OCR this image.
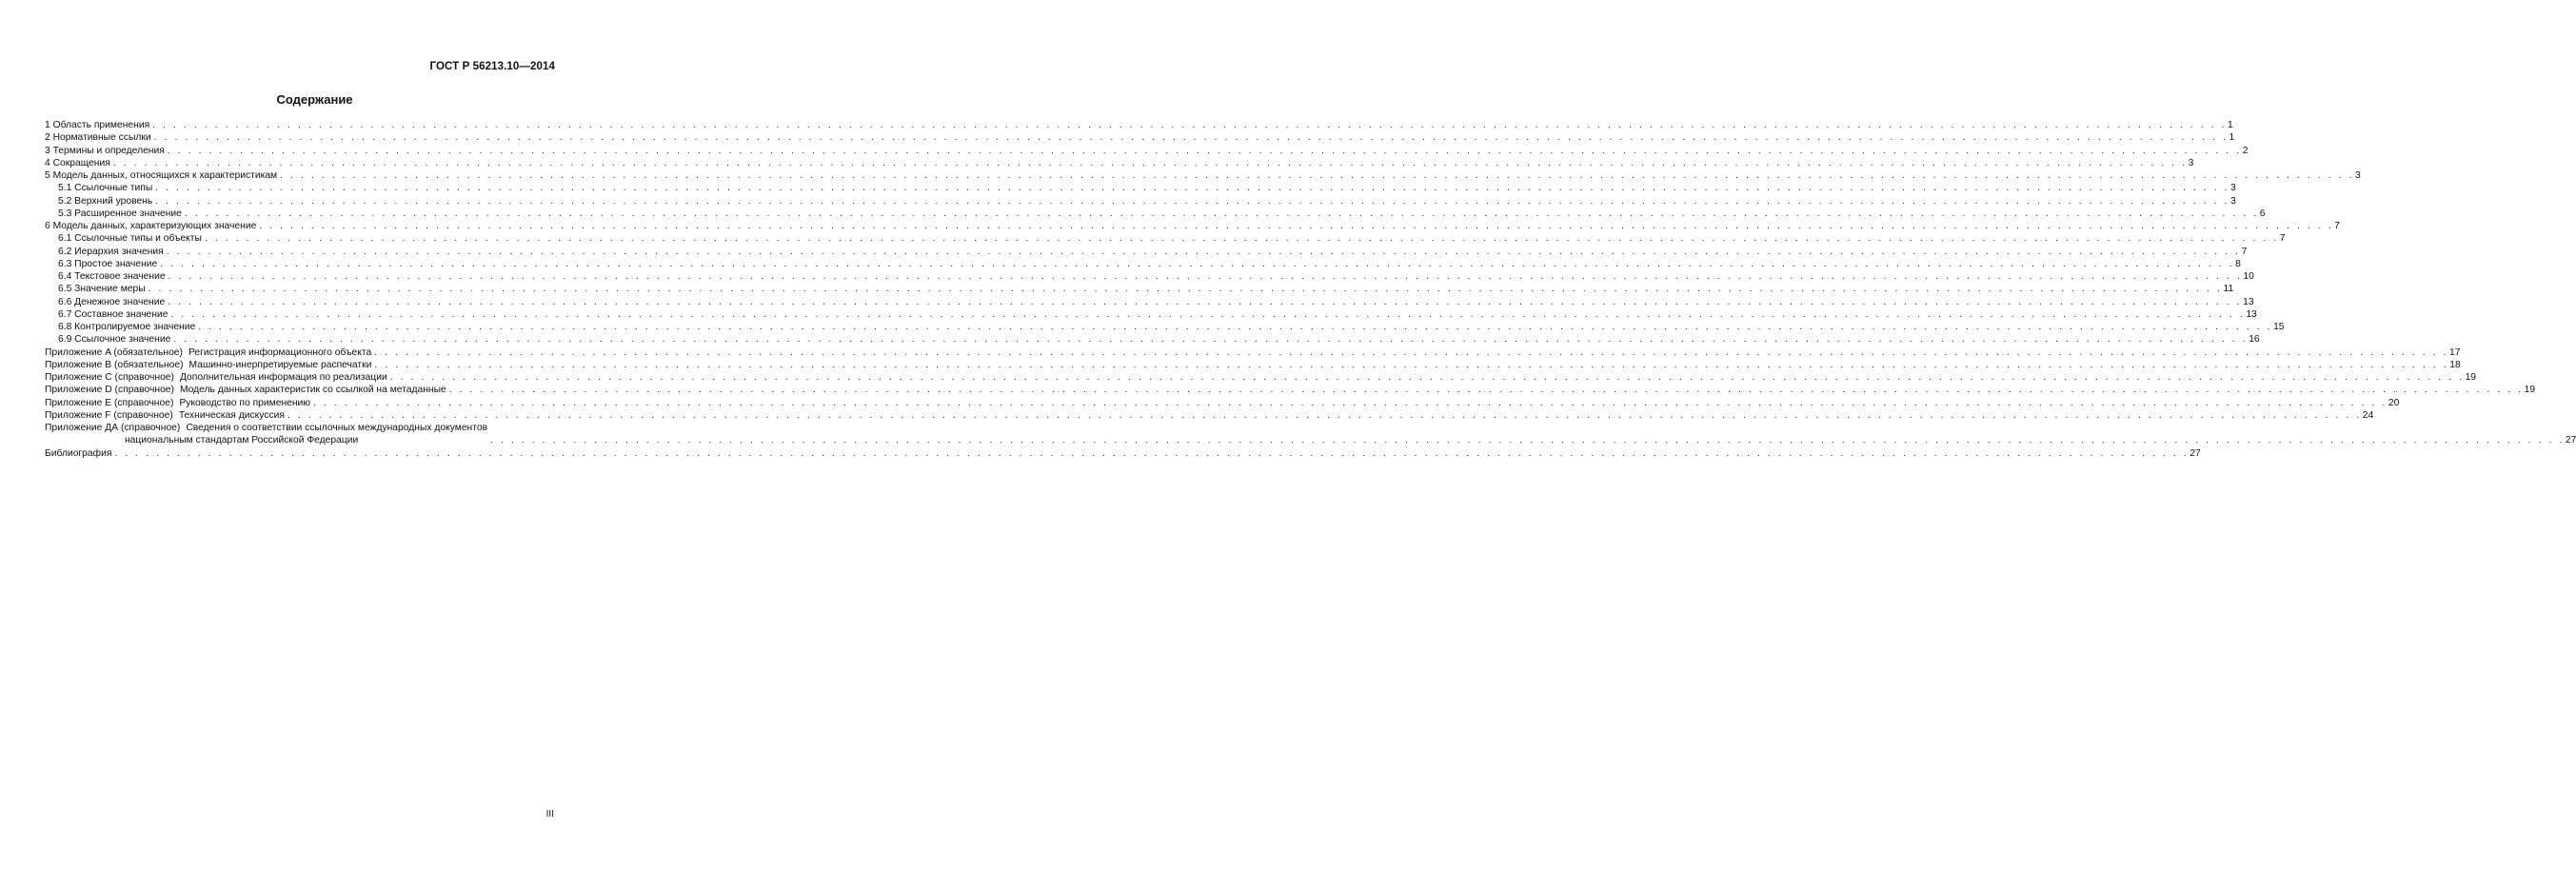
ГОСТ Р 56213.10—2014
Содержание
1 Область применения . . . . . . . . . . . . . . . . . . . . . . . . . . . . . . . . . . . . . . . . . . . . . . . . . . . . . . . . . . . . . . . . . . . . . . . . . . . . . . . . . . . . . . . . . . . . . . . . . . . . . . . . . . . . . . . . . . . . . . . . . . . . . . . . . . . . . . . . . . . . . . . . . . . . . . . . . . . . . . . . . . . . . . . . . . . . . . . . . . . . . . . . . . . . . . . . . . . . . . . . 1
2 Нормативные ссылки . . . . . . . . . . . . . . . . . . . . . . . . . . . . . . . . . . . . . . . . . . . . . . . . . . . . . . . . . . . . . . . . . . . . . . . . . . . . . . . . . . . . . . . . . . . . . . . . . . . . . . . . . . . . . . . . . . . . . . . . . . . . . . . . . . . . . . . . . . . . . . . . . . . . . . . . . . . . . . . . . . . . . . . . . . . . . . . . . . . . . . . . . . . . . . . . . . . . . . . . 1
3 Термины и определения . . . . . . . . . . . . . . . . . . . . . . . . . . . . . . . . . . . . . . . . . . . . . . . . . . . . . . . . . . . . . . . . . . . . . . . . . . . . . . . . . . . . . . . . . . . . . . . . . . . . . . . . . . . . . . . . . . . . . . . . . . . . . . . . . . . . . . . . . . . . . . . . . . . . . . . . . . . . . . . . . . . . . . . . . . . . . . . . . . . . . . . . . . . . . . . . . . . . . . . . 2
4 Сокращения . . . . . . . . . . . . . . . . . . . . . . . . . . . . . . . . . . . . . . . . . . . . . . . . . . . . . . . . . . . . . . . . . . . . . . . . . . . . . . . . . . . . . . . . . . . . . . . . . . . . . . . . . . . . . . . . . . . . . . . . . . . . . . . . . . . . . . . . . . . . . . . . . . . . . . . . . . . . . . . . . . . . . . . . . . . . . . . . . . . . . . . . . . . . . . . . . . . . . . . . 3
5 Модель данных, относящихся к характеристикам . . . . . . . . . . . . . . . . . . . . . . . . . . . . . . . . . . . . . . . . . . . . . . . . . . . . . . . . . . . . . . . . . . . . . . . . . . . . . . . . . . . . . . . . . . . . . . . . . . . . . . . . . . . . . . . . . . . . . . . . . . . . . . . . . . . . . . . . . . . . . . . . . . . . . . . . . . . . . . . . . . . . . . . . . . . . . . . . . . . . . . . . . . . . . . . . . . . . . . . . 3
5.1 Ссылочные типы . . . . . . . . . . . . . . . . . . . . . . . . . . . . . . . . . . . . . . . . . . . . . . . . . . . . . . . . . . . . . . . . . . . . . . . . . . . . . . . . . . . . . . . . . . . . . . . . . . . . . . . . . . . . . . . . . . . . . . . . . . . . . . . . . . . . . . . . . . . . . . . . . . . . . . . . . . . . . . . . . . . . . . . . . . . . . . . . . . . . . . . . . . . . . . . . . . . . . . . . 3
5.2 Верхний уровень . . . . . . . . . . . . . . . . . . . . . . . . . . . . . . . . . . . . . . . . . . . . . . . . . . . . . . . . . . . . . . . . . . . . . . . . . . . . . . . . . . . . . . . . . . . . . . . . . . . . . . . . . . . . . . . . . . . . . . . . . . . . . . . . . . . . . . . . . . . . . . . . . . . . . . . . . . . . . . . . . . . . . . . . . . . . . . . . . . . . . . . . . . . . . . . . . . . . . . . . 3
5.3 Расширенное значение . . . . . . . . . . . . . . . . . . . . . . . . . . . . . . . . . . . . . . . . . . . . . . . . . . . . . . . . . . . . . . . . . . . . . . . . . . . . . . . . . . . . . . . . . . . . . . . . . . . . . . . . . . . . . . . . . . . . . . . . . . . . . . . . . . . . . . . . . . . . . . . . . . . . . . . . . . . . . . . . . . . . . . . . . . . . . . . . . . . . . . . . . . . . . . . . . . . . . . . . 6
6 Модель данных, характеризующих значение . . . . . . . . . . . . . . . . . . . . . . . . . . . . . . . . . . . . . . . . . . . . . . . . . . . . . . . . . . . . . . . . . . . . . . . . . . . . . . . . . . . . . . . . . . . . . . . . . . . . . . . . . . . . . . . . . . . . . . . . . . . . . . . . . . . . . . . . . . . . . . . . . . . . . . . . . . . . . . . . . . . . . . . . . . . . . . . . . . . . . . . . . . . . . . . . . . . . . . . . 7
6.1 Ссылочные типы и объекты . . . . . . . . . . . . . . . . . . . . . . . . . . . . . . . . . . . . . . . . . . . . . . . . . . . . . . . . . . . . . . . . . . . . . . . . . . . . . . . . . . . . . . . . . . . . . . . . . . . . . . . . . . . . . . . . . . . . . . . . . . . . . . . . . . . . . . . . . . . . . . . . . . . . . . . . . . . . . . . . . . . . . . . . . . . . . . . . . . . . . . . . . . . . . . . . . . . . . . . . 7
6.2 Иерархия значения . . . . . . . . . . . . . . . . . . . . . . . . . . . . . . . . . . . . . . . . . . . . . . . . . . . . . . . . . . . . . . . . . . . . . . . . . . . . . . . . . . . . . . . . . . . . . . . . . . . . . . . . . . . . . . . . . . . . . . . . . . . . . . . . . . . . . . . . . . . . . . . . . . . . . . . . . . . . . . . . . . . . . . . . . . . . . . . . . . . . . . . . . . . . . . . . . . . . . . . . 7
6.3 Простое значение . . . . . . . . . . . . . . . . . . . . . . . . . . . . . . . . . . . . . . . . . . . . . . . . . . . . . . . . . . . . . . . . . . . . . . . . . . . . . . . . . . . . . . . . . . . . . . . . . . . . . . . . . . . . . . . . . . . . . . . . . . . . . . . . . . . . . . . . . . . . . . . . . . . . . . . . . . . . . . . . . . . . . . . . . . . . . . . . . . . . . . . . . . . . . . . . . . . . . . . . 8
6.4 Текстовое значение . . . . . . . . . . . . . . . . . . . . . . . . . . . . . . . . . . . . . . . . . . . . . . . . . . . . . . . . . . . . . . . . . . . . . . . . . . . . . . . . . . . . . . . . . . . . . . . . . . . . . . . . . . . . . . . . . . . . . . . . . . . . . . . . . . . . . . . . . . . . . . . . . . . . . . . . . . . . . . . . . . . . . . . . . . . . . . . . . . . . . . . . . . . . . . . . . . . . . . . . 10
6.5 Значение меры . . . . . . . . . . . . . . . . . . . . . . . . . . . . . . . . . . . . . . . . . . . . . . . . . . . . . . . . . . . . . . . . . . . . . . . . . . . . . . . . . . . . . . . . . . . . . . . . . . . . . . . . . . . . . . . . . . . . . . . . . . . . . . . . . . . . . . . . . . . . . . . . . . . . . . . . . . . . . . . . . . . . . . . . . . . . . . . . . . . . . . . . . . . . . . . . . . . . . . . . 11
6.6 Денежное значение . . . . . . . . . . . . . . . . . . . . . . . . . . . . . . . . . . . . . . . . . . . . . . . . . . . . . . . . . . . . . . . . . . . . . . . . . . . . . . . . . . . . . . . . . . . . . . . . . . . . . . . . . . . . . . . . . . . . . . . . . . . . . . . . . . . . . . . . . . . . . . . . . . . . . . . . . . . . . . . . . . . . . . . . . . . . . . . . . . . . . . . . . . . . . . . . . . . . . . . . 13
6.7 Составное значение . . . . . . . . . . . . . . . . . . . . . . . . . . . . . . . . . . . . . . . . . . . . . . . . . . . . . . . . . . . . . . . . . . . . . . . . . . . . . . . . . . . . . . . . . . . . . . . . . . . . . . . . . . . . . . . . . . . . . . . . . . . . . . . . . . . . . . . . . . . . . . . . . . . . . . . . . . . . . . . . . . . . . . . . . . . . . . . . . . . . . . . . . . . . . . . . . . . . . . . . 13
6.8 Контролируемое значение . . . . . . . . . . . . . . . . . . . . . . . . . . . . . . . . . . . . . . . . . . . . . . . . . . . . . . . . . . . . . . . . . . . . . . . . . . . . . . . . . . . . . . . . . . . . . . . . . . . . . . . . . . . . . . . . . . . . . . . . . . . . . . . . . . . . . . . . . . . . . . . . . . . . . . . . . . . . . . . . . . . . . . . . . . . . . . . . . . . . . . . . . . . . . . . . . . . . . . . . 15
6.9 Ссылочное значение . . . . . . . . . . . . . . . . . . . . . . . . . . . . . . . . . . . . . . . . . . . . . . . . . . . . . . . . . . . . . . . . . . . . . . . . . . . . . . . . . . . . . . . . . . . . . . . . . . . . . . . . . . . . . . . . . . . . . . . . . . . . . . . . . . . . . . . . . . . . . . . . . . . . . . . . . . . . . . . . . . . . . . . . . . . . . . . . . . . . . . . . . . . . . . . . . . . . . . . . 16
Приложение A (обязательное) Регистрация информационного объекта . . . . . . . . . . . . . . . . . . . . . . . . . . . . . . . . . . . . . . . . . . . . . . . . . . . . . . . . . . . . . . . . . . . . . . . . . . . . . . . . . . . . . . . . . . . . . . . . . . . . . . . . . . . . . . . . . . . . . . . . . . . . . . . . . . . . . . . . . . . . . . . . . . . . . . . . . . . . . . . . . . . . . . . . . . . . . . . . . . . . . . . . . . . . . . . . . . . . . . . . 17
Приложение B (обязательное) Машинно-инерпретируемые распечатки . . . . . . . . . . . . . . . . . . . . . . . . . . . . . . . . . . . . . . . . . . . . . . . . . . . . . . . . . . . . . . . . . . . . . . . . . . . . . . . . . . . . . . . . . . . . . . . . . . . . . . . . . . . . . . . . . . . . . . . . . . . . . . . . . . . . . . . . . . . . . . . . . . . . . . . . . . . . . . . . . . . . . . . . . . . . . . . . . . . . . . . . . . . . . . . . . . . . . . . . 18
Приложение C (справочное) Дополнительная информация по реализации . . . . . . . . . . . . . . . . . . . . . . . . . . . . . . . . . . . . . . . . . . . . . . . . . . . . . . . . . . . . . . . . . . . . . . . . . . . . . . . . . . . . . . . . . . . . . . . . . . . . . . . . . . . . . . . . . . . . . . . . . . . . . . . . . . . . . . . . . . . . . . . . . . . . . . . . . . . . . . . . . . . . . . . . . . . . . . . . . . . . . . . . . . . . . . . . . . . . . . . . 19
Приложение D (справочное) Модель данных характеристик со ссылкой на метаданные . . . . . . . . . . . . . . . . . . . . . . . . . . . . . . . . . . . . . . . . . . . . . . . . . . . . . . . . . . . . . . . . . . . . . . . . . . . . . . . . . . . . . . . . . . . . . . . . . . . . . . . . . . . . . . . . . . . . . . . . . . . . . . . . . . . . . . . . . . . . . . . . . . . . . . . . . . . . . . . . . . . . . . . . . . . . . . . . . . . . . . . . . . . . . . . . . . . . . . . . 19
Приложение E (справочное) Руководство по применению . . . . . . . . . . . . . . . . . . . . . . . . . . . . . . . . . . . . . . . . . . . . . . . . . . . . . . . . . . . . . . . . . . . . . . . . . . . . . . . . . . . . . . . . . . . . . . . . . . . . . . . . . . . . . . . . . . . . . . . . . . . . . . . . . . . . . . . . . . . . . . . . . . . . . . . . . . . . . . . . . . . . . . . . . . . . . . . . . . . . . . . . . . . . . . . . . . . . . . . . 20
Приложение F (справочное) Техническая дискуссия . . . . . . . . . . . . . . . . . . . . . . . . . . . . . . . . . . . . . . . . . . . . . . . . . . . . . . . . . . . . . . . . . . . . . . . . . . . . . . . . . . . . . . . . . . . . . . . . . . . . . . . . . . . . . . . . . . . . . . . . . . . . . . . . . . . . . . . . . . . . . . . . . . . . . . . . . . . . . . . . . . . . . . . . . . . . . . . . . . . . . . . . . . . . . . . . . . . . . . . . 24
Приложение ДА (справочное) Сведения о соответствии ссылочных международных документов
национальным стандартам Российской Федерации	. . . . . . . . . . . . . . . . . . . . . . . . . . . . . . . . . . . . . . . . . . . . . . . . . . . . . . . . . . . . . . . . . . . . . . . . . . . . . . . . . . . . . . . . . . . . . . . . . . . . . . . . . . . . . . . . . . . . . . . . . . . . . . . . . . . . . . . . . . . . . . . . . . . . . . . . . . . . . . . . . . . . . . . . . . . . . . . . . . . . . . . . . . . . . . . . . . . . . . . . 27
Библиография . . . . . . . . . . . . . . . . . . . . . . . . . . . . . . . . . . . . . . . . . . . . . . . . . . . . . . . . . . . . . . . . . . . . . . . . . . . . . . . . . . . . . . . . . . . . . . . . . . . . . . . . . . . . . . . . . . . . . . . . . . . . . . . . . . . . . . . . . . . . . . . . . . . . . . . . . . . . . . . . . . . . . . . . . . . . . . . . . . . . . . . . . . . . . . . . . . . . . . . . 27
III
